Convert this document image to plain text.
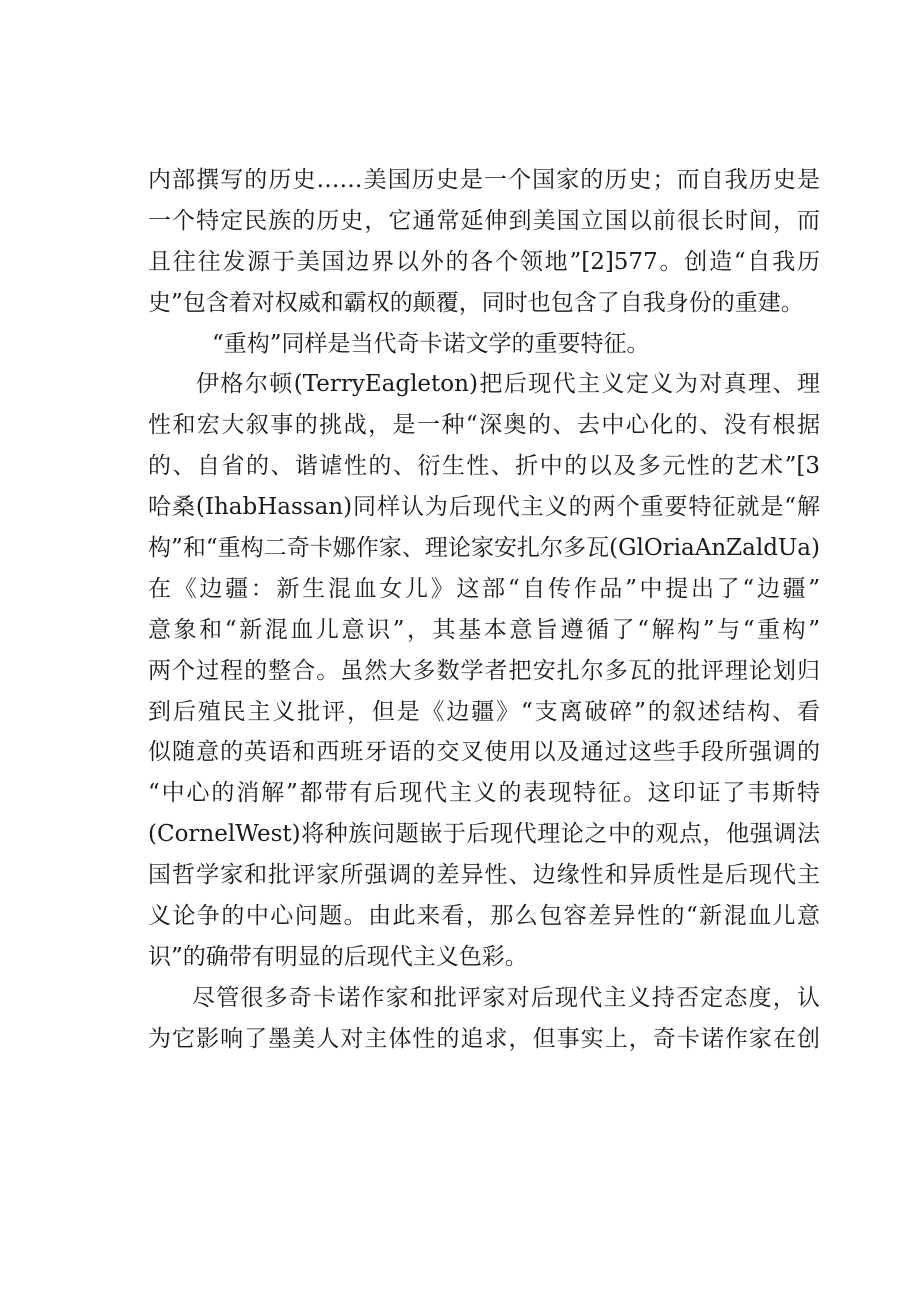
内部撰写的历史……美国历史是一个国家的历史；而自我历史是
一个特定民族的历史，它通常延伸到美国立国以前很长时间，而
且往往发源于美国边界以外的各个领地”[2]577。创造“自我历
史”包含着对权威和霸权的颠覆，同时也包含了自我身份的重建。
“重构”同样是当代奇卡诺文学的重要特征。
伊格尔顿(TerryEagleton)把后现代主义定义为对真理、理
性和宏大叙事的挑战，是一种“深奥的、去中心化的、没有根据
的、自省的、谐谑性的、衍生性、折中的以及多元性的艺术”[3
哈桑(IhabHassan)同样认为后现代主义的两个重要特征就是“解
构”和“重构二奇卡娜作家、理论家安扎尔多瓦(GlOriaAnZaldUa)
在《边疆：新生混血女儿》这部“自传作品”中提出了“边疆”
意象和“新混血儿意识”，其基本意旨遵循了“解构”与“重构”
两个过程的整合。虽然大多数学者把安扎尔多瓦的批评理论划归
到后殖民主义批评，但是《边疆》“支离破碎”的叙述结构、看
似随意的英语和西班牙语的交叉使用以及通过这些手段所强调的
“中心的消解”都带有后现代主义的表现特征。这印证了韦斯特
(CornelWest)将种族问题嵌于后现代理论之中的观点，他强调法
国哲学家和批评家所强调的差异性、边缘性和异质性是后现代主
义论争的中心问题。由此来看，那么包容差异性的“新混血儿意
识”的确带有明显的后现代主义色彩。
尽管很多奇卡诺作家和批评家对后现代主义持否定态度，认
为它影响了墨美人对主体性的追求，但事实上，奇卡诺作家在创
